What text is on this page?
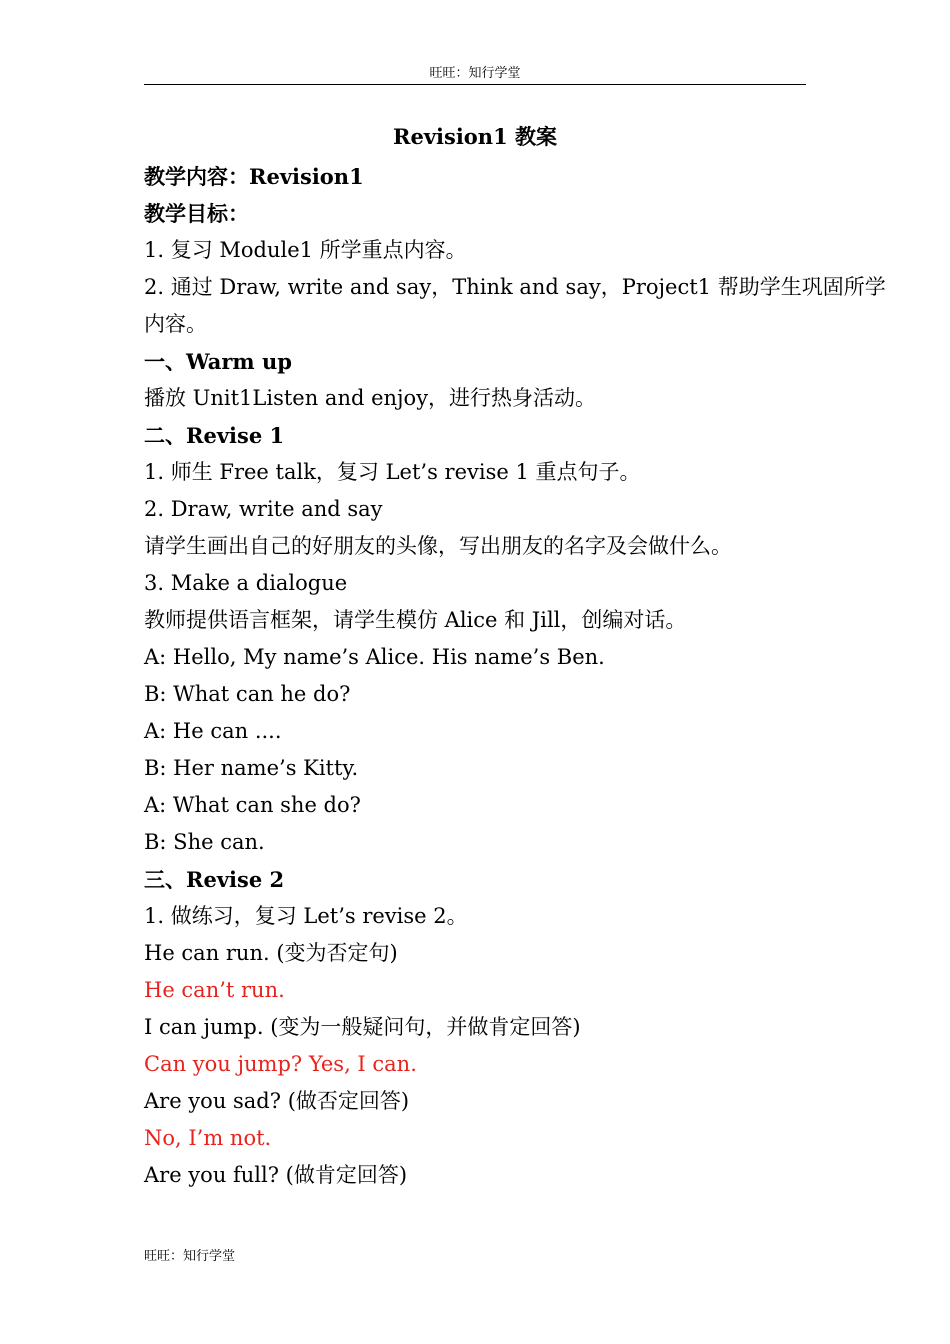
旺旺：知行学堂
Revision1 教案
教学内容：Revision1
教学目标：
1. 复习 Module1 所学重点内容。
2. 通过 Draw, write and say，Think and say，Project1 帮助学生巩固所学
内容。
一、Warm up
播放 Unit1Listen and enjoy，进行热身活动。
二、Revise 1
1. 师生 Free talk，复习 Let’s revise 1 重点句子。
2. Draw, write and say
请学生画出自己的好朋友的头像，写出朋友的名字及会做什么。
3. Make a dialogue
教师提供语言框架，请学生模仿 Alice 和 Jill，创编对话。
A: Hello, My name’s Alice. His name’s Ben.
B: What can he do?
A: He can ....
B: Her name’s Kitty.
A: What can she do?
B: She can.
三、Revise 2
1. 做练习，复习 Let’s revise 2。
He can run. (变为否定句)
He can’t run.
I can jump. (变为一般疑问句，并做肯定回答)
Can you jump? Yes, I can.
Are you sad? (做否定回答)
No, I’m not.
Are you full? (做肯定回答)
旺旺：知行学堂
